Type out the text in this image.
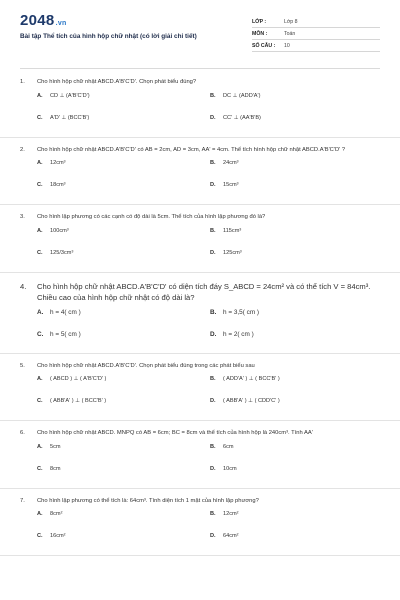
2048.vn
Bài tập Thể tích của hình hộp chữ nhật (có lời giải chi tiết)
LỚP :	Lớp 8
MÔN :	Toán
SỐ CÂU :	10
1.	Cho hình hộp chữ nhật ABCD.A'B'C'D'. Chọn phát biểu đúng?
A.	CD ⊥ (A'B'C'D')	B.	DC ⊥ (ADD'A')
C.	A'D' ⊥ (BCC'B')	D.	CC' ⊥ (AA'B'B)
2.	Cho hình hộp chữ nhật ABCD.A'B'C'D' có AB = 2cm, AD = 3cm, AA' = 4cm. Thể tích hình hộp chữ nhật ABCD.A'B'C'D' ?
A.	12cm³	B.	24cm³
C.	18cm³	D.	15cm³
3.	Cho hình lập phương có các cạnh có độ dài là 5cm. Thể tích của hình lập phương đó là?
A.	100cm³	B.	115cm³
C.	125/3cm³	D.	125cm³
4.	Cho hình hộp chữ nhật ABCD.A'B'C'D' có diện tích đáy S_ABCD = 24cm² và có thể tích V = 84cm³. Chiều cao của hình hộp chữ nhật có độ dài là?
A.	h = 4( cm )	B.	h = 3,5( cm )
C.	h = 5( cm )	D.	h = 2( cm )
5.	Cho hình hộp chữ nhật ABCD.A'B'C'D'. Chọn phát biểu đúng trong các phát biểu sau
A.	( ABCD ) ⊥ ( A'B'C'D' )	B.	( ADD'A' ) ⊥ ( BCC'B' )
C.	( ABB'A' ) ⊥ ( BCC'B' )	D.	( ABB'A' ) ⊥ ( CDD'C' )
6.	Cho hình hộp chữ nhật ABCD. MNPQ có AB = 6cm; BC = 8cm và thể tích của hình hộp là 240cm³. Tính AA'
A.	5cm	B.	6cm
C.	8cm	D.	10cm
7.	Cho hình lập phương có thể tích là: 64cm³. Tính diện tích 1 mặt của hình lập phương?
A.	8cm²	B.	12cm²
C.	16cm²	D.	64cm²
